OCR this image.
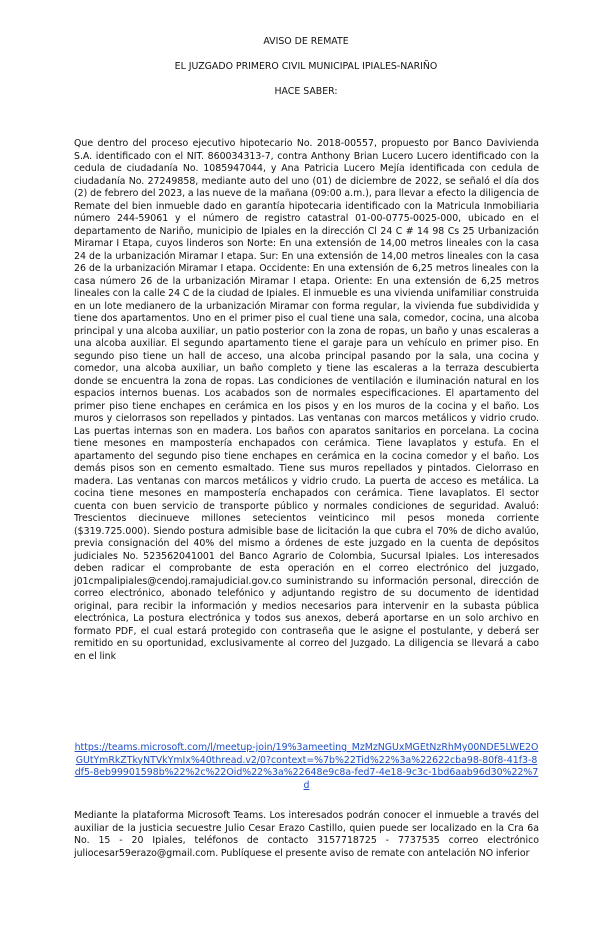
AVISO DE REMATE
EL JUZGADO PRIMERO CIVIL MUNICIPAL IPIALES-NARIÑO
HACE SABER:
Que dentro del proceso ejecutivo hipotecario No. 2018-00557, propuesto por Banco Davivienda S.A. identificado con el NIT. 860034313-7, contra Anthony Brian Lucero Lucero identificado con la cedula de ciudadanía No. 1085947044, y Ana Patricia Lucero Mejía identificada con cedula de ciudadanía No. 27249858, mediante auto del uno (01) de diciembre de 2022, se señaló el día dos (2) de febrero del 2023, a las nueve de la mañana (09:00 a.m.), para llevar a efecto la diligencia de Remate del bien inmueble dado en garantía hipotecaria identificado con la Matricula Inmobiliaria número 244-59061 y el número de registro catastral 01-00-0775-0025-000, ubicado en el departamento de Nariño, municipio de Ipiales en la dirección Cl 24 C # 14 98 Cs 25 Urbanización Miramar I Etapa, cuyos linderos son Norte: En una extensión de 14,00 metros lineales con la casa 24 de la urbanización Miramar I etapa. Sur: En una extensión de 14,00 metros lineales con la casa 26 de la urbanización Miramar I etapa. Occidente: En una extensión de 6,25 metros lineales con la casa número 26 de la urbanización Miramar I etapa. Oriente: En una extensión de 6,25 metros lineales con la calle 24 C de la ciudad de Ipiales. El inmueble es una vivienda unifamiliar construida en un lote medianero de la urbanización Miramar con forma regular, la vivienda fue subdividida y tiene dos apartamentos. Uno en el primer piso el cual tiene una sala, comedor, cocina, una alcoba principal y una alcoba auxiliar, un patio posterior con la zona de ropas, un baño y unas escaleras a una alcoba auxiliar. El segundo apartamento tiene el garaje para un vehículo en primer piso. En segundo piso tiene un hall de acceso, una alcoba principal pasando por la sala, una cocina y comedor, una alcoba auxiliar, un baño completo y tiene las escaleras a la terraza descubierta donde se encuentra la zona de ropas. Las condiciones de ventilación e iluminación natural en los espacios internos buenas. Los acabados son de normales especificaciones. El apartamento del primer piso tiene enchapes en cerámica en los pisos y en los muros de la cocina y el baño. Los muros y cielorrasos son repellados y pintados. Las ventanas con marcos metálicos y vidrio crudo. Las puertas internas son en madera. Los baños con aparatos sanitarios en porcelana. La cocina tiene mesones en mampostería enchapados con cerámica. Tiene lavaplatos y estufa. En el apartamento del segundo piso tiene enchapes en cerámica en la cocina comedor y el baño. Los demás pisos son en cemento esmaltado. Tiene sus muros repellados y pintados. Cielorraso en madera. Las ventanas con marcos metálicos y vidrio crudo. La puerta de acceso es metálica. La cocina tiene mesones en mampostería enchapados con cerámica. Tiene lavaplatos. El sector cuenta con buen servicio de transporte público y normales condiciones de seguridad. Avaluó: Trescientos diecinueve millones setecientos veinticinco mil pesos moneda corriente ($319.725.000). Siendo postura admisible base de licitación la que cubra el 70% de dicho avalúo, previa consignación del 40% del mismo a órdenes de este juzgado en la cuenta de depósitos judiciales No. 523562041001 del Banco Agrario de Colombia, Sucursal Ipiales. Los interesados deben radicar el comprobante de esta operación en el correo electrónico del juzgado, j01cmpalipiales@cendoj.ramajudicial.gov.co suministrando su información personal, dirección de correo electrónico, abonado telefónico y adjuntando registro de su documento de identidad original, para recibir la información y medios necesarios para intervenir en la subasta pública electrónica, La postura electrónica y todos sus anexos, deberá aportarse en un solo archivo en formato PDF, el cual estará protegido con contraseña que le asigne el postulante, y deberá ser remitido en su oportunidad, exclusivamente al correo del Juzgado. La diligencia se llevará a cabo en el link
https://teams.microsoft.com/l/meetup-join/19%3ameeting_MzMzNGUxMGEtNzRhMy00NDE5LWE2OGUtYmRkZTkyNTVkYmIx%40thread.v2/0?context=%7b%22Tid%22%3a%22622cba98-80f8-41f3-8df5-8eb99901598b%22%2c%22Oid%22%3a%22648e9c8a-fed7-4e18-9c3c-1bd6aab96d30%22%7d
Mediante la plataforma Microsoft Teams. Los interesados podrán conocer el inmueble a través del auxiliar de la justicia secuestre Julio Cesar Erazo Castillo, quien puede ser localizado en la Cra 6a No. 15 - 20 Ipiales, teléfonos de contacto 3157718725 - 7737535 correo electrónico juliocesar59erazo@gmail.com. Publíquese el presente aviso de remate con antelación NO inferior
